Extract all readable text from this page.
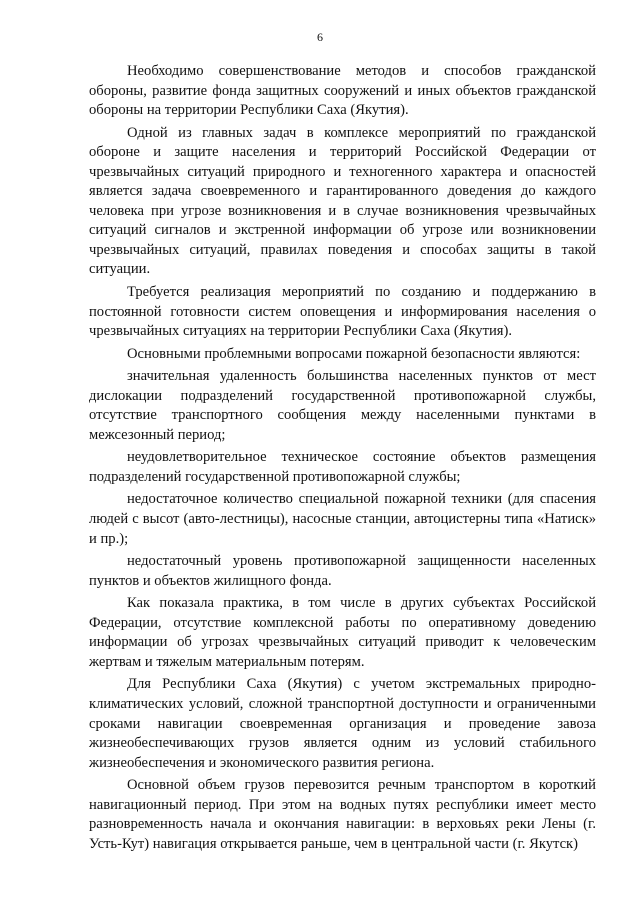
6

Необходимо совершенствование методов и способов гражданской обороны, развитие фонда защитных сооружений и иных объектов гражданской обороны на территории Республики Саха (Якутия).

Одной из главных задач в комплексе мероприятий по гражданской обороне и защите населения и территорий Российской Федерации от чрезвычайных ситуаций природного и техногенного характера и опасностей является задача своевременного и гарантированного доведения до каждого человека при угрозе возникновения и в случае возникновения чрезвычайных ситуаций сигналов и экстренной информации об угрозе или возникновении чрезвычайных ситуаций, правилах поведения и способах защиты в такой ситуации.

Требуется реализация мероприятий по созданию и поддержанию в постоянной готовности систем оповещения и информирования населения о чрезвычайных ситуациях на территории Республики Саха (Якутия).

Основными проблемными вопросами пожарной безопасности являются:

значительная удаленность большинства населенных пунктов от мест дислокации подразделений государственной противопожарной службы, отсутствие транспортного сообщения между населенными пунктами в межсезонный период;

неудовлетворительное техническое состояние объектов размещения подразделений государственной противопожарной службы;

недостаточное количество специальной пожарной техники (для спасения людей с высот (авто-лестницы), насосные станции, автоцистерны типа «Натиск» и пр.);

недостаточный уровень противопожарной защищенности населенных пунктов и объектов жилищного фонда.

Как показала практика, в том числе в других субъектах Российской Федерации, отсутствие комплексной работы по оперативному доведению информации об угрозах чрезвычайных ситуаций приводит к человеческим жертвам и тяжелым материальным потерям.

Для Республики Саха (Якутия) с учетом экстремальных природно-климатических условий, сложной транспортной доступности и ограниченными сроками навигации своевременная организация и проведение завоза жизнеобеспечивающих грузов является одним из условий стабильного жизнеобеспечения и экономического развития региона.

Основной объем грузов перевозится речным транспортом в короткий навигационный период. При этом на водных путях республики имеет место разновременность начала и окончания навигации: в верховьях реки Лены (г. Усть-Кут) навигация открывается раньше, чем в центральной части (г. Якутск)
